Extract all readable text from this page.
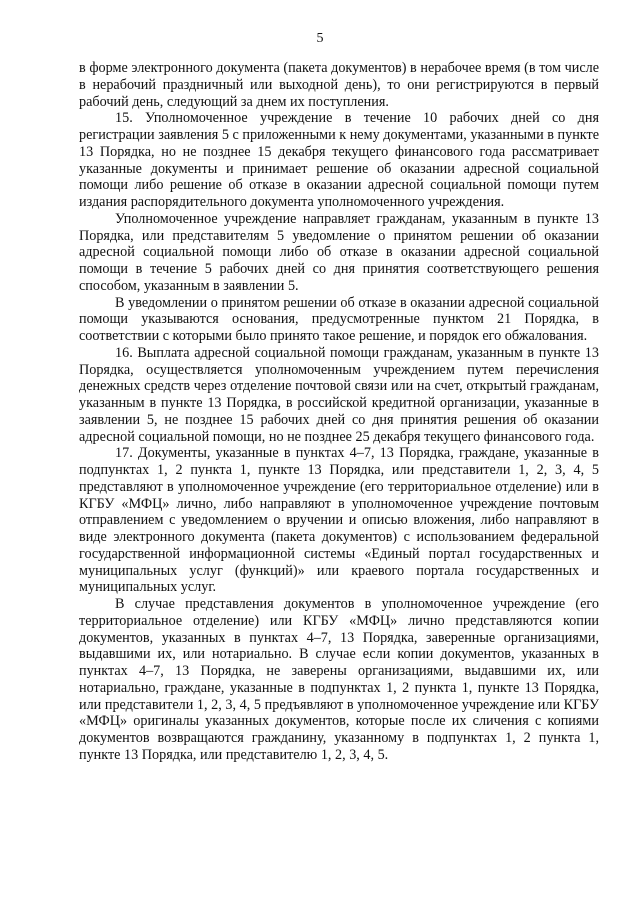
5

в форме электронного документа (пакета документов) в нерабочее время (в том числе в нерабочий праздничный или выходной день), то они регистрируются в первый рабочий день, следующий за днем их поступления.

15. Уполномоченное учреждение в течение 10 рабочих дней со дня регистрации заявления 5 с приложенными к нему документами, указанными в пункте 13 Порядка, но не позднее 15 декабря текущего финансового года рассматривает указанные документы и принимает решение об оказании адресной социальной помощи либо решение об отказе в оказании адресной социальной помощи путем издания распорядительного документа уполномоченного учреждения.

Уполномоченное учреждение направляет гражданам, указанным в пункте 13 Порядка, или представителям 5 уведомление о принятом решении об оказании адресной социальной помощи либо об отказе в оказании адресной социальной помощи в течение 5 рабочих дней со дня принятия соответствующего решения способом, указанным в заявлении 5.

В уведомлении о принятом решении об отказе в оказании адресной социальной помощи указываются основания, предусмотренные пунктом 21 Порядка, в соответствии с которыми было принято такое решение, и порядок его обжалования.

16. Выплата адресной социальной помощи гражданам, указанным в пункте 13 Порядка, осуществляется уполномоченным учреждением путем перечисления денежных средств через отделение почтовой связи или на счет, открытый гражданам, указанным в пункте 13 Порядка, в российской кредитной организации, указанные в заявлении 5, не позднее 15 рабочих дней со дня принятия решения об оказании адресной социальной помощи, но не позднее 25 декабря текущего финансового года.

17. Документы, указанные в пунктах 4–7, 13 Порядка, граждане, указанные в подпунктах 1, 2 пункта 1, пункте 13 Порядка, или представители 1, 2, 3, 4, 5 представляют в уполномоченное учреждение (его территориальное отделение) или в КГБУ «МФЦ» лично, либо направляют в уполномоченное учреждение почтовым отправлением с уведомлением о вручении и описью вложения, либо направляют в виде электронного документа (пакета документов) с использованием федеральной государственной информационной системы «Единый портал государственных и муниципальных услуг (функций)» или краевого портала государственных и муниципальных услуг.

В случае представления документов в уполномоченное учреждение (его территориальное отделение) или КГБУ «МФЦ» лично представляются копии документов, указанных в пунктах 4–7, 13 Порядка, заверенные организациями, выдавшими их, или нотариально. В случае если копии документов, указанных в пунктах 4–7, 13 Порядка, не заверены организациями, выдавшими их, или нотариально, граждане, указанные в подпунктах 1, 2 пункта 1, пункте 13 Порядка, или представители 1, 2, 3, 4, 5 предъявляют в уполномоченное учреждение или КГБУ «МФЦ» оригиналы указанных документов, которые после их сличения с копиями документов возвращаются гражданину, указанному в подпунктах 1, 2 пункта 1, пункте 13 Порядка, или представителю 1, 2, 3, 4, 5.
